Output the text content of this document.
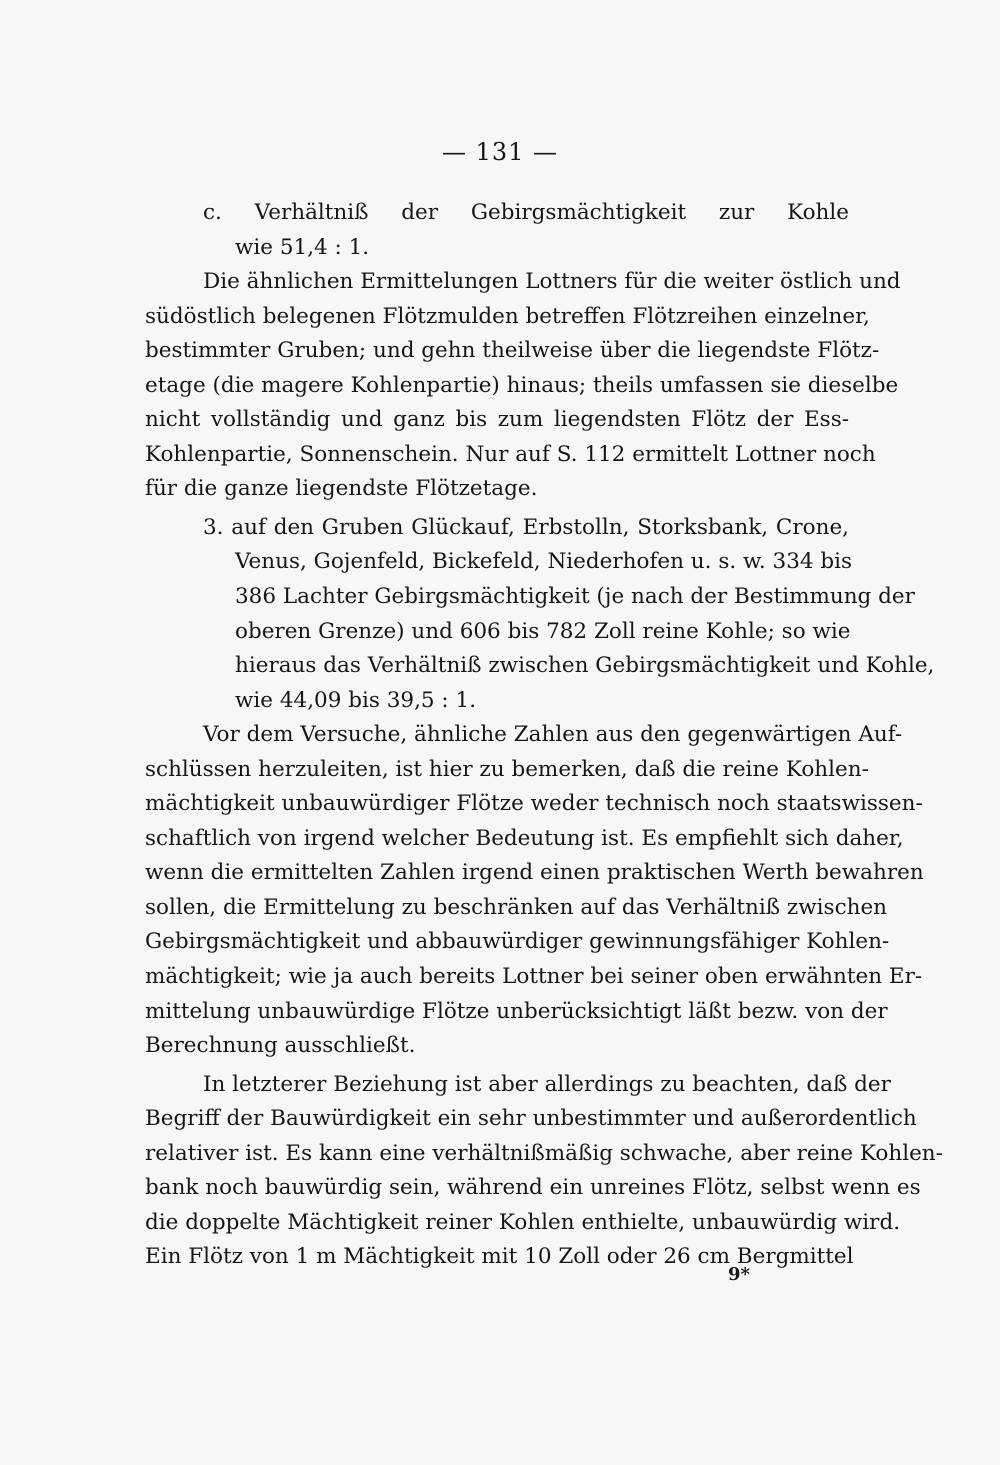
— 131 —
c. Verhältniß der Gebirgsmächtigkeit zur Kohle
wie 51,4 : 1.
Die ähnlichen Ermittelungen Lottners für die weiter östlich und
südöstlich belegenen Flötzmulden betreffen Flötzreihen einzelner,
bestimmter Gruben; und gehn theilweise über die liegendste Flötz-
etage (die magere Kohlenpartie) hinaus; theils umfassen sie dieselbe
nicht vollständig und ganz bis zum liegendsten Flötz der Ess-
Kohlenpartie, Sonnenschein. Nur auf S. 112 ermittelt Lottner noch
für die ganze liegendste Flötzetage.
3. auf den Gruben Glückauf, Erbstolln, Storksbank, Crone,
Venus, Gojenfeld, Bickefeld, Niederhofen u. s. w. 334 bis
386 Lachter Gebirgsmächtigkeit (je nach der Bestimmung der
oberen Grenze) und 606 bis 782 Zoll reine Kohle; so wie
hieraus das Verhältniß zwischen Gebirgsmächtigkeit und Kohle,
wie 44,09 bis 39,5 : 1.
Vor dem Versuche, ähnliche Zahlen aus den gegenwärtigen Auf-
schlüssen herzuleiten, ist hier zu bemerken, daß die reine Kohlen-
mächtigkeit unbauwürdiger Flötze weder technisch noch staatswissen-
schaftlich von irgend welcher Bedeutung ist. Es empfiehlt sich daher,
wenn die ermittelten Zahlen irgend einen praktischen Werth bewahren
sollen, die Ermittelung zu beschränken auf das Verhältniß zwischen
Gebirgsmächtigkeit und abbauwürdiger gewinnungsfähiger Kohlen-
mächtigkeit; wie ja auch bereits Lottner bei seiner oben erwähnten Er-
mittelung unbauwürdige Flötze unberücksichtigt läßt bezw. von der
Berechnung ausschließt.
In letzterer Beziehung ist aber allerdings zu beachten, daß der
Begriff der Bauwürdigkeit ein sehr unbestimmter und außerordentlich
relativer ist. Es kann eine verhältnißmäßig schwache, aber reine Kohlen-
bank noch bauwürdig sein, während ein unreines Flötz, selbst wenn es
die doppelte Mächtigkeit reiner Kohlen enthielte, unbauwürdig wird.
Ein Flötz von 1 m Mächtigkeit mit 10 Zoll oder 26 cm Bergmittel
9*
